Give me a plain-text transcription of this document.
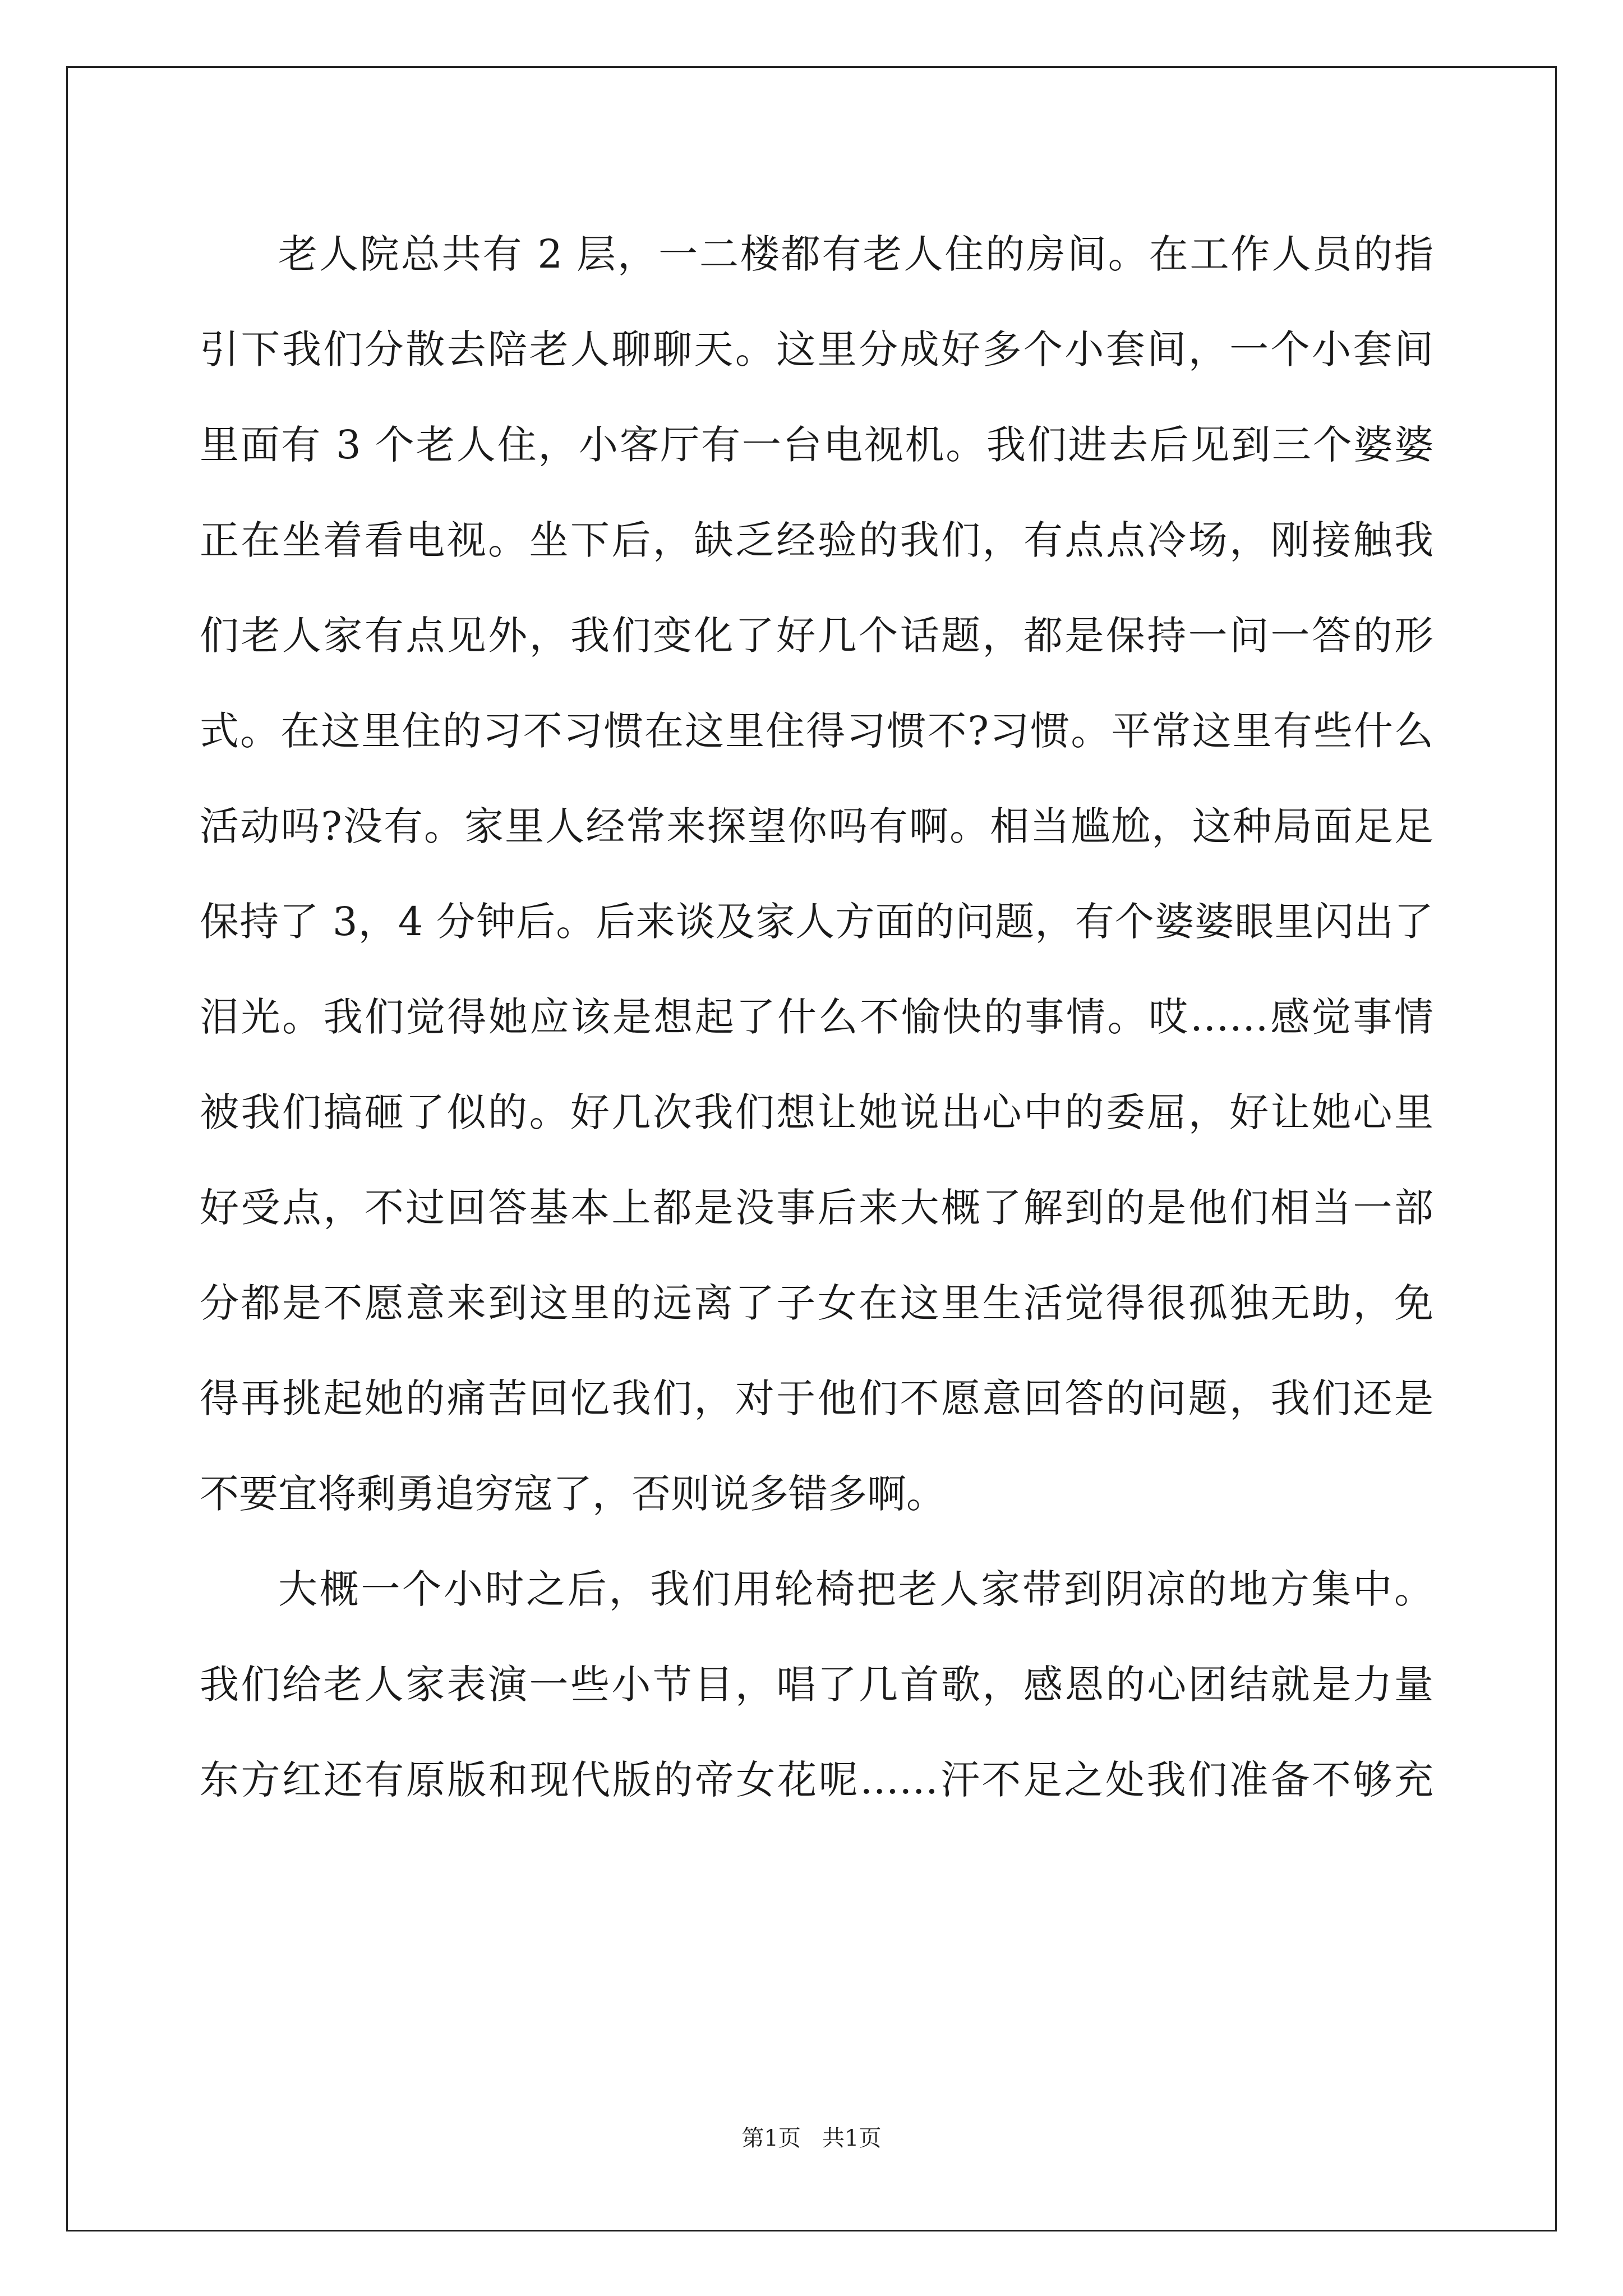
老人院总共有 2 层，一二楼都有老人住的房间。在工作人员的指
引下我们分散去陪老人聊聊天。这里分成好多个小套间，一个小套间
里面有 3 个老人住，小客厅有一台电视机。我们进去后见到三个婆婆
正在坐着看电视。坐下后，缺乏经验的我们，有点点冷场，刚接触我
们老人家有点见外，我们变化了好几个话题，都是保持一问一答的形
式。在这里住的习不习惯在这里住得习惯不?习惯。平常这里有些什么
活动吗?没有。家里人经常来探望你吗有啊。相当尴尬，这种局面足足
保持了 3，4 分钟后。后来谈及家人方面的问题，有个婆婆眼里闪出了
泪光。我们觉得她应该是想起了什么不愉快的事情。哎……感觉事情
被我们搞砸了似的。好几次我们想让她说出心中的委屈，好让她心里
好受点，不过回答基本上都是没事后来大概了解到的是他们相当一部
分都是不愿意来到这里的远离了子女在这里生活觉得很孤独无助，免
得再挑起她的痛苦回忆我们，对于他们不愿意回答的问题，我们还是
不要宜将剩勇追穷寇了，否则说多错多啊。
大概一个小时之后，我们用轮椅把老人家带到阴凉的地方集中。
我们给老人家表演一些小节目，唱了几首歌，感恩的心团结就是力量
东方红还有原版和现代版的帝女花呢……汗不足之处我们准备不够充
第1页   共1页
